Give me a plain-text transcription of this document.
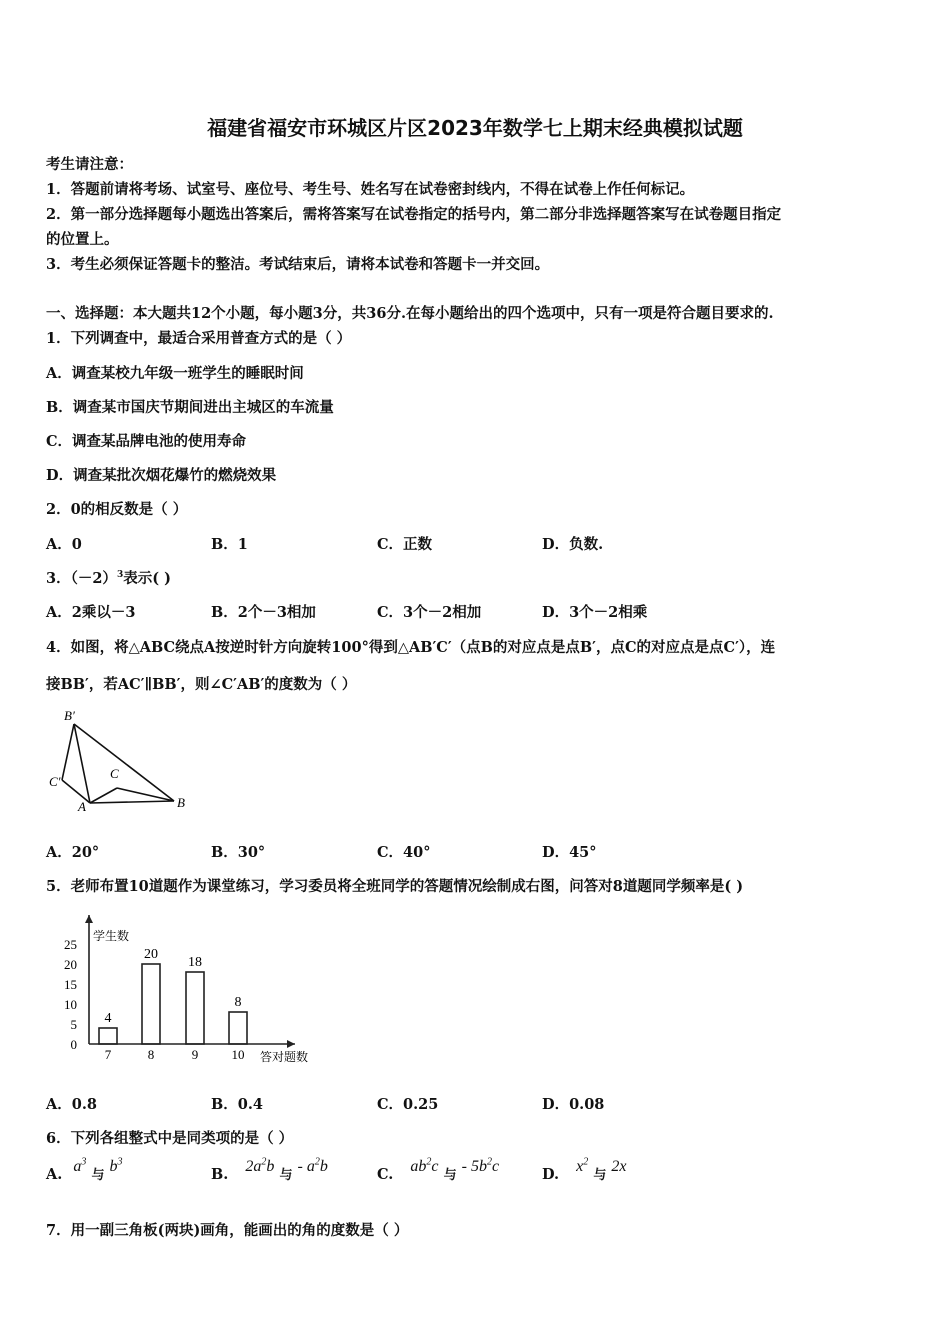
福建省福安市环城区片区2023年数学七上期末经典模拟试题
考生请注意：
1．答题前请将考场、试室号、座位号、考生号、姓名写在试卷密封线内，不得在试卷上作任何标记。
2．第一部分选择题每小题选出答案后，需将答案写在试卷指定的括号内，第二部分非选择题答案写在试卷题目指定
的位置上。
3．考生必须保证答题卡的整洁。考试结束后，请将本试卷和答题卡一并交回。
一、选择题：本大题共12个小题，每小题3分，共36分.在每小题给出的四个选项中，只有一项是符合题目要求的.
1．下列调查中，最适合采用普查方式的是（ ）
A．调查某校九年级一班学生的睡眠时间
B．调查某市国庆节期间进出主城区的车流量
C．调查某品牌电池的使用寿命
D．调查某批次烟花爆竹的燃烧效果
2．0的相反数是（ ）
A．0	B．1	C．正数	D．负数.
3．$(-2)^3$表示( )
A．2乘以－3	B．2个－3相加	C．3个－2相加	D．3个－2相乘
4．如图，将△ABC绕点A按逆时针方向旋转100°得到△AB′C′（点B的对应点是点B′，点C的对应点是点C′），连
接BB′，若AC′∥BB′，则∠C′AB′的度数为（ ）
B′
C′
C
A	B
A．20°	B．30°	C．40°	D．45°
5．老师布置10道题作为课堂练习，学习委员将全班同学的答题情况绘制成右图，问答对8道题同学频率是( )
0
5
10
15
20
25
4
20
18
8
7	8	9	10
学生数
答对题数
A．0.8	B．0.4	C．0.25	D．0.08
6．下列各组整式中是同类项的是（ ）
A. $a^3$ 与 $b^3$
B. $2a^2b$ 与 - $a^2b$	C. $ab^2c$ 与 - $5b^2c$	D. $x^2$ 与 2x
7．用一副三角板(两块)画角，能画出的角的度数是（ ）
